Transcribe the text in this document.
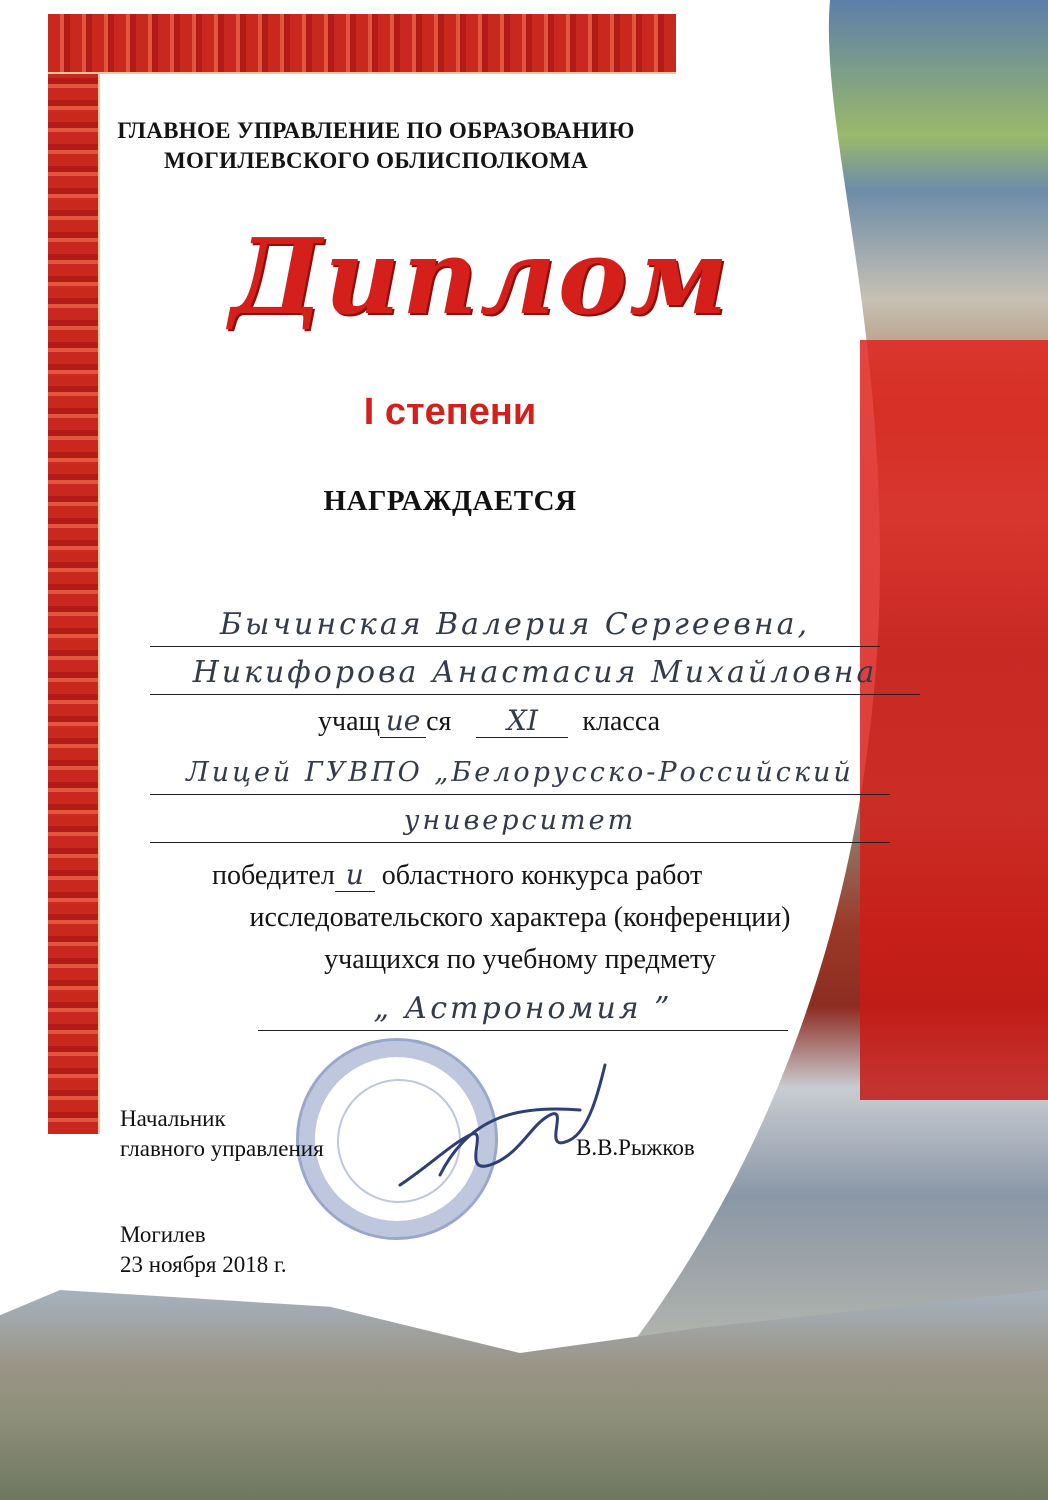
ГЛАВНОЕ УПРАВЛЕНИЕ ПО ОБРАЗОВАНИЮ
МОГИЛЕВСКОГО ОБЛИСПОЛКОМА
Диплом
I степени
НАГРАЖДАЕТСЯ
Бычинская Валерия Сергеевна,
Никифорова Анастасия Михайловна
учащ ие ся XI класса
Лицей ГУВПО „Белорусско-Российский
университет
победител и областного конкурса работ
исследовательского характера (конференции)
учащихся по учебному предмету
„ Астрономия ”
Начальник
главного управления	В.В.Рыжков
Могилев
23 ноября 2018 г.
